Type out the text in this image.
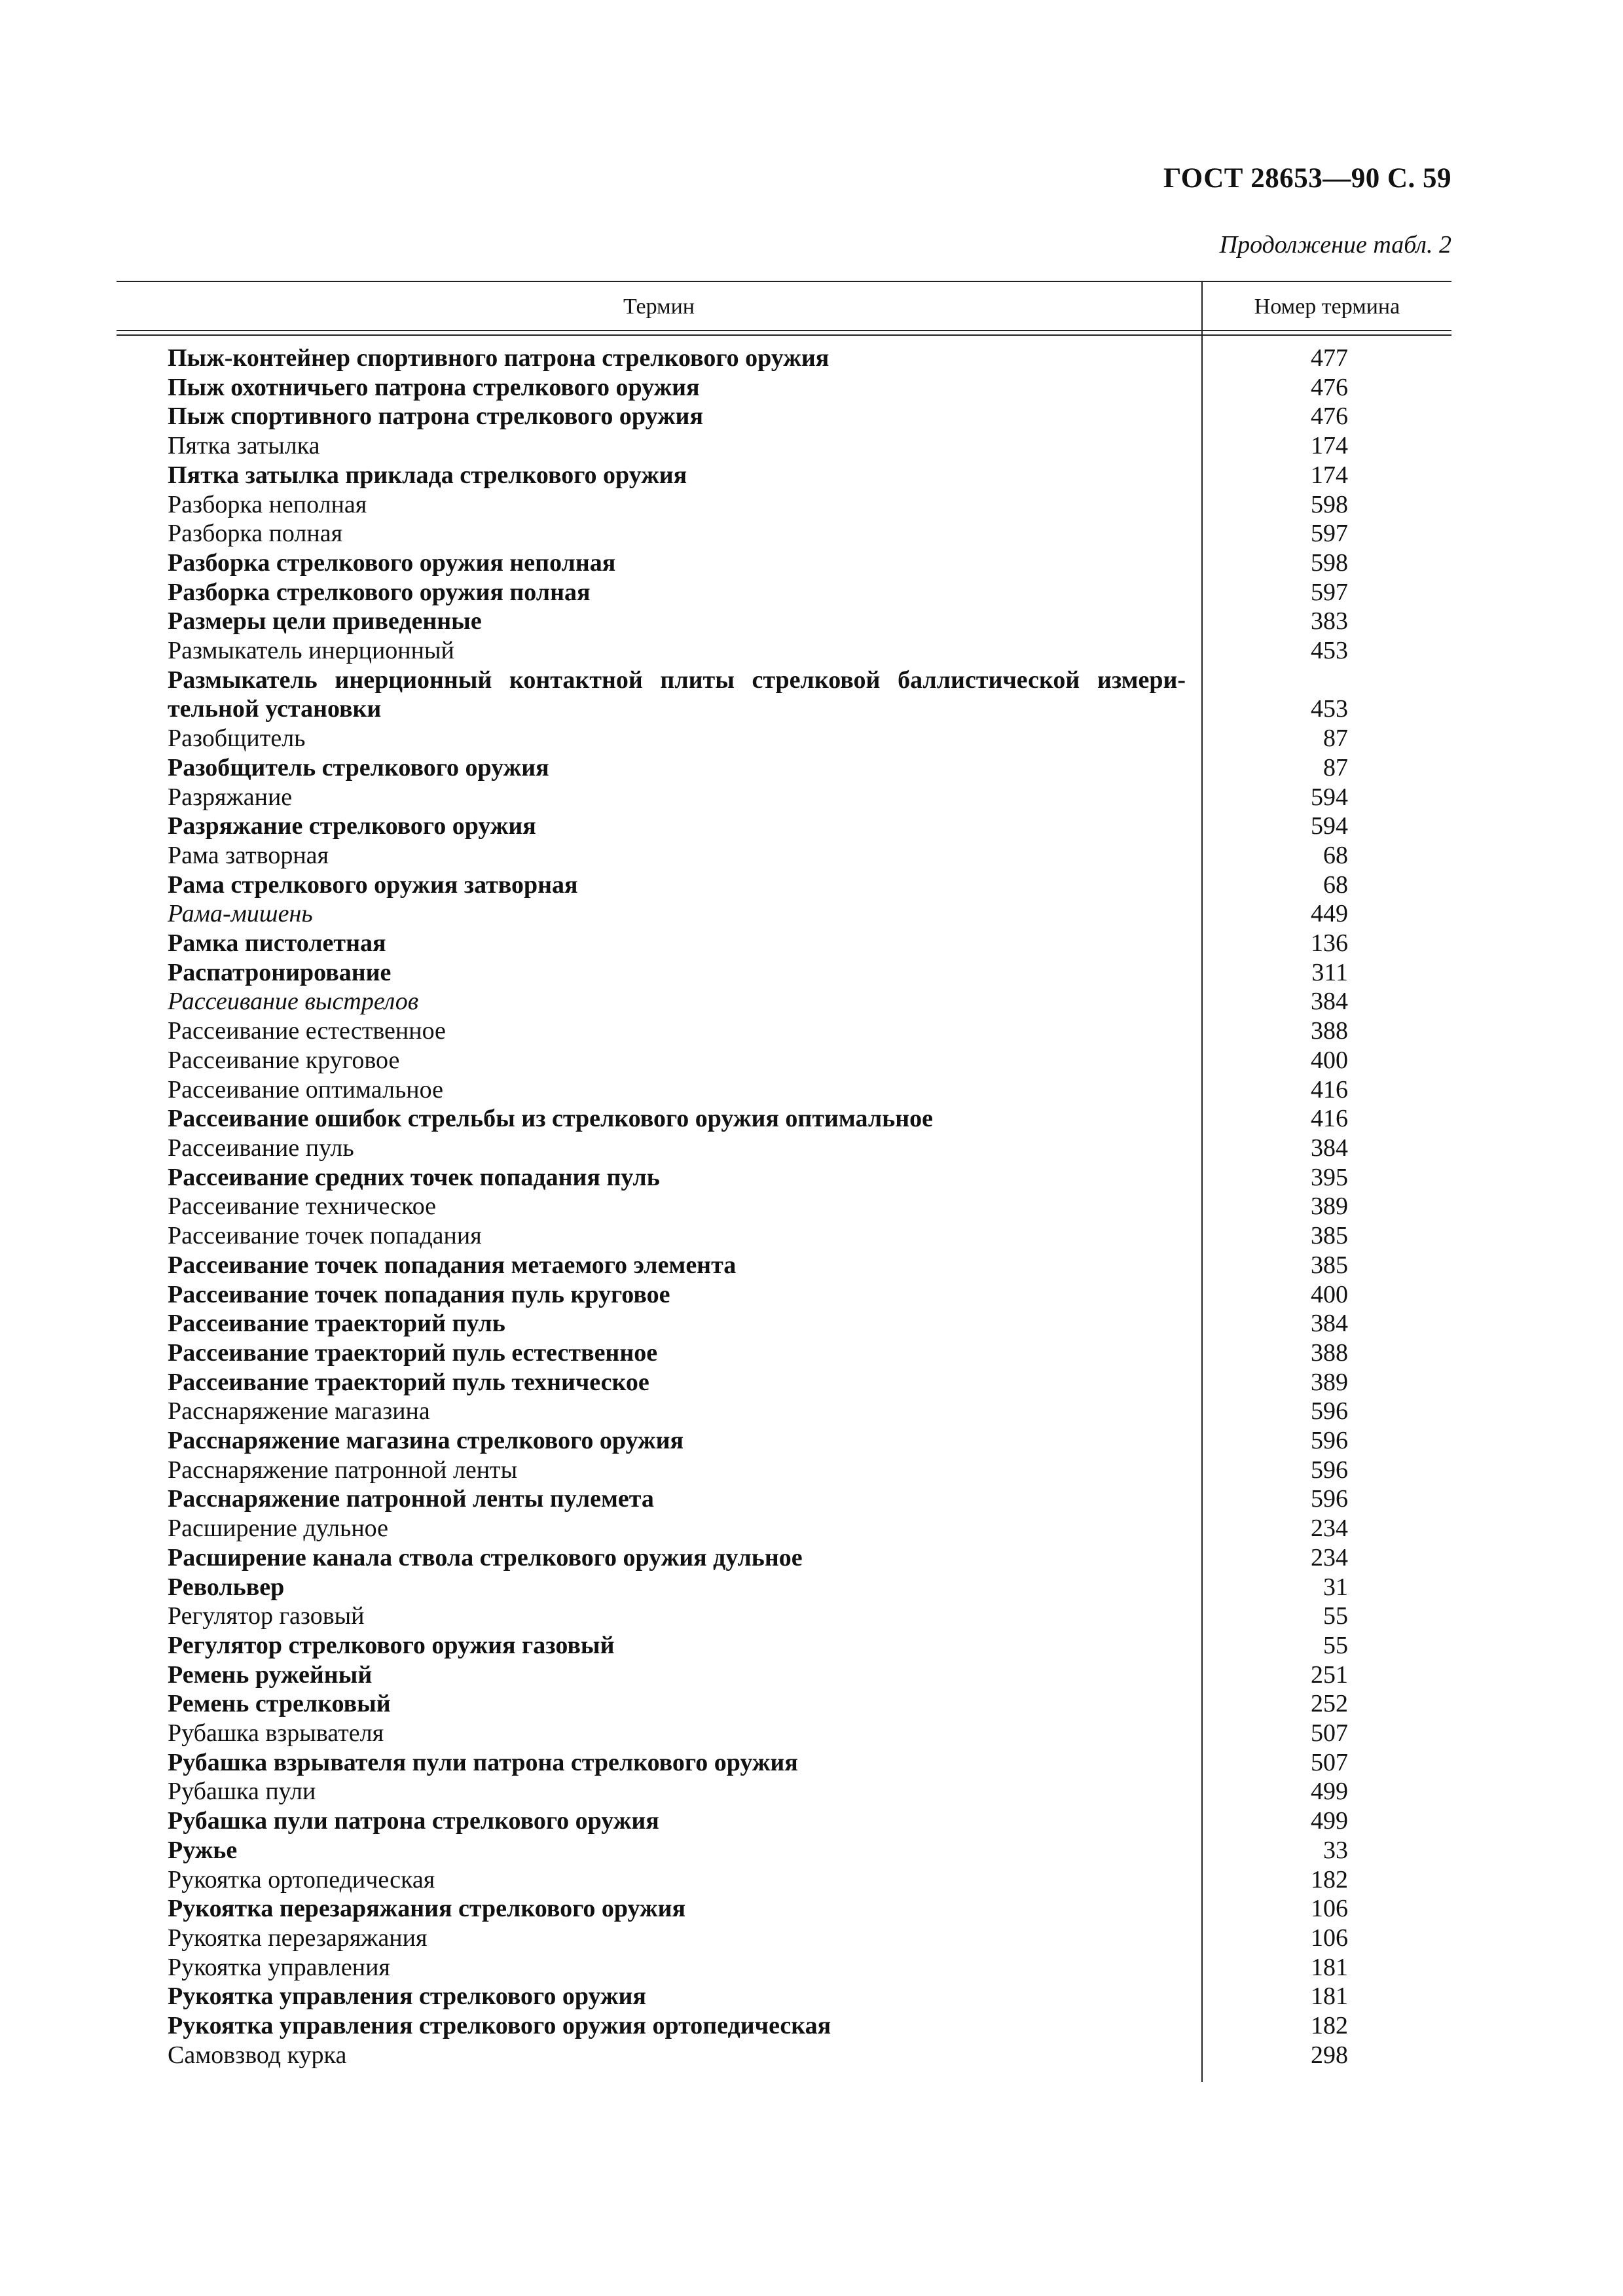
ГОСТ 28653—90 С. 59
Продолжение табл. 2
Термин	Номер термина
Пыж-контейнер спортивного патрона стрелкового оружия	477
Пыж охотничьего патрона стрелкового оружия	476
Пыж спортивного патрона стрелкового оружия	476
Пятка затылка	174
Пятка затылка приклада стрелкового оружия	174
Разборка неполная	598
Разборка полная	597
Разборка стрелкового оружия неполная	598
Разборка стрелкового оружия полная	597
Размеры цели приведенные	383
Размыкатель инерционный	453
Размыкатель инерционный контактной плиты стрелковой баллистической измери-тельной установки	453
Разобщитель	87
Разобщитель стрелкового оружия	87
Разряжание	594
Разряжание стрелкового оружия	594
Рама затворная	68
Рама стрелкового оружия затворная	68
Рама-мишень	449
Рамка пистолетная	136
Распатронирование	311
Рассеивание выстрелов	384
Рассеивание естественное	388
Рассеивание круговое	400
Рассеивание оптимальное	416
Рассеивание ошибок стрельбы из стрелкового оружия оптимальное	416
Рассеивание пуль	384
Рассеивание средних точек попадания пуль	395
Рассеивание техническое	389
Рассеивание точек попадания	385
Рассеивание точек попадания метаемого элемента	385
Рассеивание точек попадания пуль круговое	400
Рассеивание траекторий пуль	384
Рассеивание траекторий пуль естественное	388
Рассеивание траекторий пуль техническое	389
Расснаряжение магазина	596
Расснаряжение магазина стрелкового оружия	596
Расснаряжение патронной ленты	596
Расснаряжение патронной ленты пулемета	596
Расширение дульное	234
Расширение канала ствола стрелкового оружия дульное	234
Револьвер	31
Регулятор газовый	55
Регулятор стрелкового оружия газовый	55
Ремень ружейный	251
Ремень стрелковый	252
Рубашка взрывателя	507
Рубашка взрывателя пули патрона стрелкового оружия	507
Рубашка пули	499
Рубашка пули патрона стрелкового оружия	499
Ружье	33
Рукоятка ортопедическая	182
Рукоятка перезаряжания стрелкового оружия	106
Рукоятка перезаряжания	106
Рукоятка управления	181
Рукоятка управления стрелкового оружия	181
Рукоятка управления стрелкового оружия ортопедическая	182
Самовзвод курка	298
